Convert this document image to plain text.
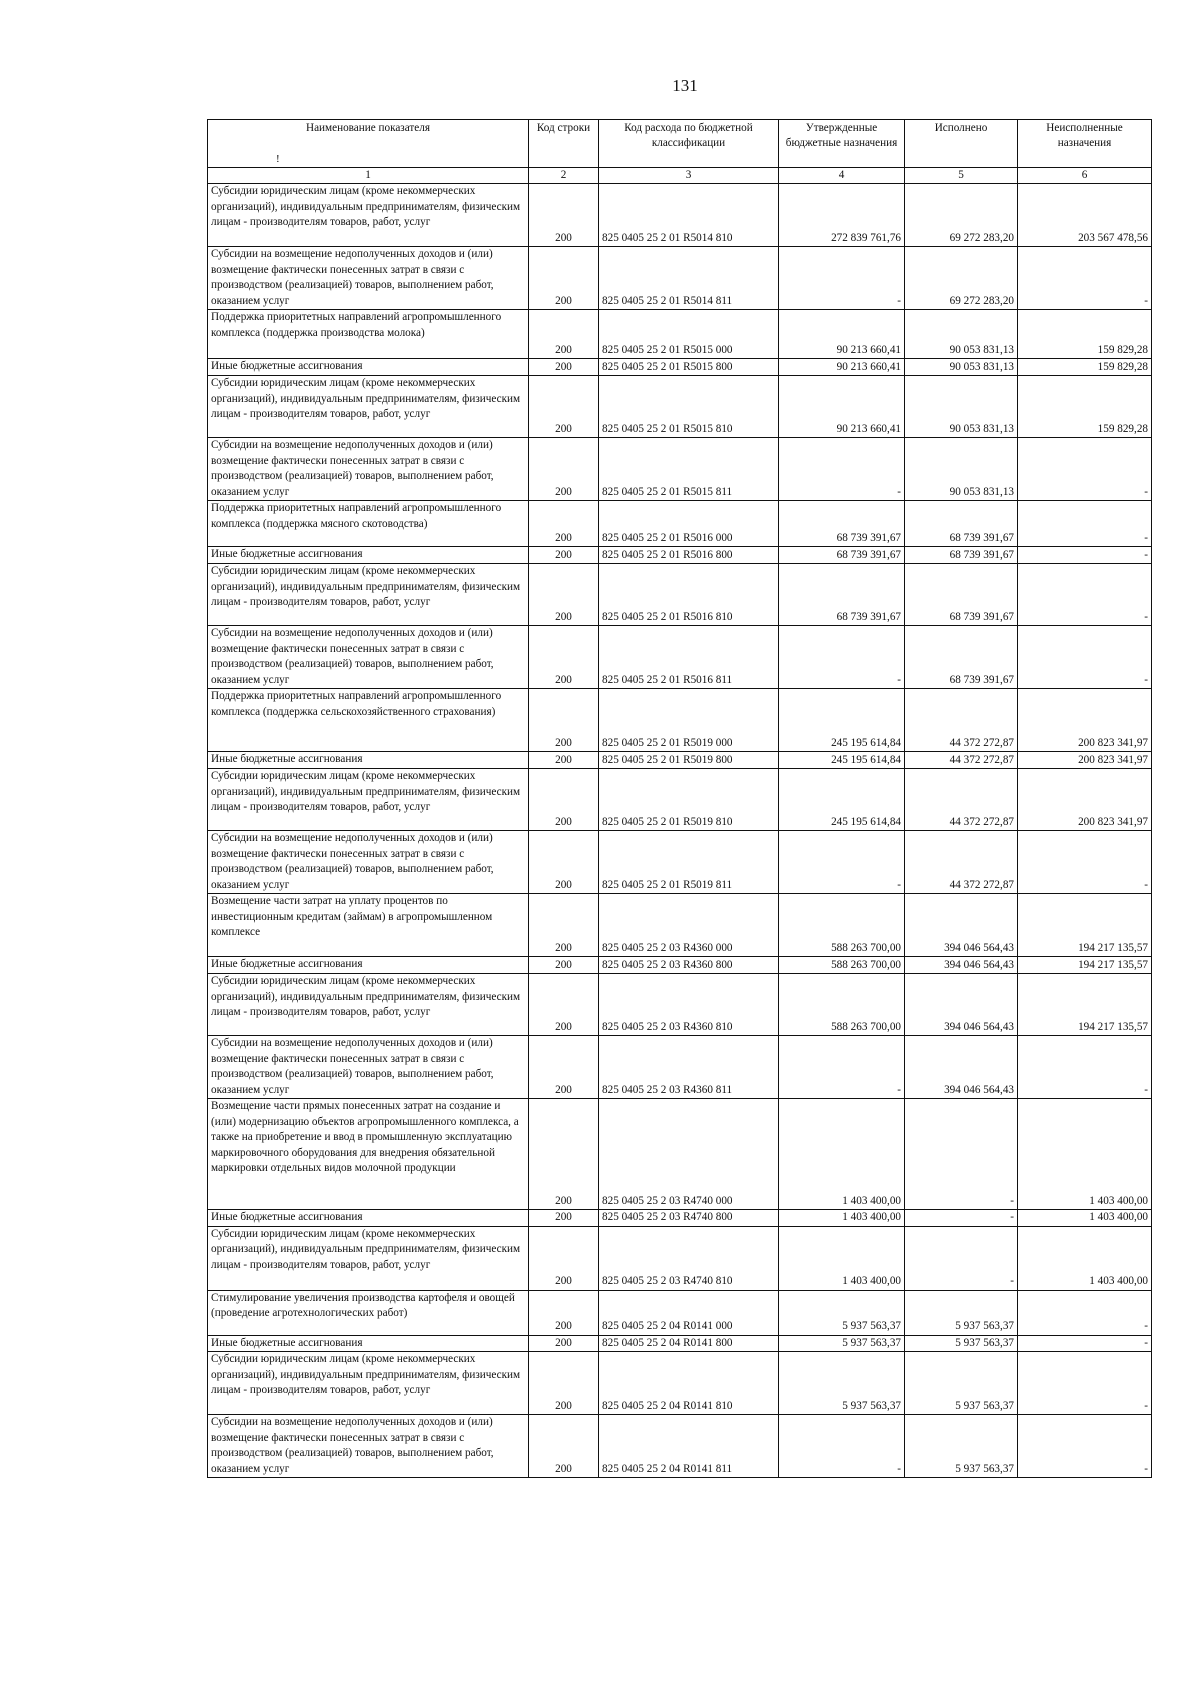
131
Наименование показателя	Код строки	Код расхода по бюджетной классификации	Утвержденные бюджетные назначения	Исполнено	Неисполненные назначения
1	2	3	4	5	6
Субсидии юридическим лицам (кроме некоммерческих организаций), индивидуальным предпринимателям, физическим лицам - производителям товаров, работ, услуг	200	825 0405 25 2 01 R5014 810	272 839 761,76	69 272 283,20	203 567 478,56
Субсидии на возмещение недополученных доходов и (или) возмещение фактически понесенных затрат в связи с производством (реализацией) товаров, выполнением работ, оказанием услуг	200	825 0405 25 2 01 R5014 811	-	69 272 283,20	-
Поддержка приоритетных направлений агропромышленного комплекса (поддержка производства молока)	200	825 0405 25 2 01 R5015 000	90 213 660,41	90 053 831,13	159 829,28
Иные бюджетные ассигнования	200	825 0405 25 2 01 R5015 800	90 213 660,41	90 053 831,13	159 829,28
Субсидии юридическим лицам (кроме некоммерческих организаций), индивидуальным предпринимателям, физическим лицам - производителям товаров, работ, услуг	200	825 0405 25 2 01 R5015 810	90 213 660,41	90 053 831,13	159 829,28
Субсидии на возмещение недополученных доходов и (или) возмещение фактически понесенных затрат в связи с производством (реализацией) товаров, выполнением работ, оказанием услуг	200	825 0405 25 2 01 R5015 811	-	90 053 831,13	-
Поддержка приоритетных направлений агропромышленного комплекса (поддержка мясного скотоводства)	200	825 0405 25 2 01 R5016 000	68 739 391,67	68 739 391,67	-
Иные бюджетные ассигнования	200	825 0405 25 2 01 R5016 800	68 739 391,67	68 739 391,67	-
Субсидии юридическим лицам (кроме некоммерческих организаций), индивидуальным предпринимателям, физическим лицам - производителям товаров, работ, услуг	200	825 0405 25 2 01 R5016 810	68 739 391,67	68 739 391,67	-
Субсидии на возмещение недополученных доходов и (или) возмещение фактически понесенных затрат в связи с производством (реализацией) товаров, выполнением работ, оказанием услуг	200	825 0405 25 2 01 R5016 811	-	68 739 391,67	-
Поддержка приоритетных направлений агропромышленного комплекса (поддержка сельскохозяйственного страхования)	200	825 0405 25 2 01 R5019 000	245 195 614,84	44 372 272,87	200 823 341,97
Иные бюджетные ассигнования	200	825 0405 25 2 01 R5019 800	245 195 614,84	44 372 272,87	200 823 341,97
Субсидии юридическим лицам (кроме некоммерческих организаций), индивидуальным предпринимателям, физическим лицам - производителям товаров, работ, услуг	200	825 0405 25 2 01 R5019 810	245 195 614,84	44 372 272,87	200 823 341,97
Субсидии на возмещение недополученных доходов и (или) возмещение фактически понесенных затрат в связи с производством (реализацией) товаров, выполнением работ, оказанием услуг	200	825 0405 25 2 01 R5019 811	-	44 372 272,87	-
Возмещение части затрат на уплату процентов по инвестиционным кредитам (займам) в агропромышленном комплексе	200	825 0405 25 2 03 R4360 000	588 263 700,00	394 046 564,43	194 217 135,57
Иные бюджетные ассигнования	200	825 0405 25 2 03 R4360 800	588 263 700,00	394 046 564,43	194 217 135,57
Субсидии юридическим лицам (кроме некоммерческих организаций), индивидуальным предпринимателям, физическим лицам - производителям товаров, работ, услуг	200	825 0405 25 2 03 R4360 810	588 263 700,00	394 046 564,43	194 217 135,57
Субсидии на возмещение недополученных доходов и (или) возмещение фактически понесенных затрат в связи с производством (реализацией) товаров, выполнением работ, оказанием услуг	200	825 0405 25 2 03 R4360 811	-	394 046 564,43	-
Возмещение части прямых понесенных затрат на создание и (или) модернизацию объектов агропромышленного комплекса, а также на приобретение и ввод в промышленную эксплуатацию маркировочного оборудования для внедрения обязательной маркировки отдельных видов молочной продукции	200	825 0405 25 2 03 R4740 000	1 403 400,00	-	1 403 400,00
Иные бюджетные ассигнования	200	825 0405 25 2 03 R4740 800	1 403 400,00	-	1 403 400,00
Субсидии юридическим лицам (кроме некоммерческих организаций), индивидуальным предпринимателям, физическим лицам - производителям товаров, работ, услуг	200	825 0405 25 2 03 R4740 810	1 403 400,00	-	1 403 400,00
Стимулирование увеличения производства картофеля и овощей (проведение агротехнологических работ)	200	825 0405 25 2 04 R0141 000	5 937 563,37	5 937 563,37	-
Иные бюджетные ассигнования	200	825 0405 25 2 04 R0141 800	5 937 563,37	5 937 563,37	-
Субсидии юридическим лицам (кроме некоммерческих организаций), индивидуальным предпринимателям, физическим лицам - производителям товаров, работ, услуг	200	825 0405 25 2 04 R0141 810	5 937 563,37	5 937 563,37	-
Субсидии на возмещение недополученных доходов и (или) возмещение фактически понесенных затрат в связи с производством (реализацией) товаров, выполнением работ, оказанием услуг	200	825 0405 25 2 04 R0141 811	-	5 937 563,37	-
!
